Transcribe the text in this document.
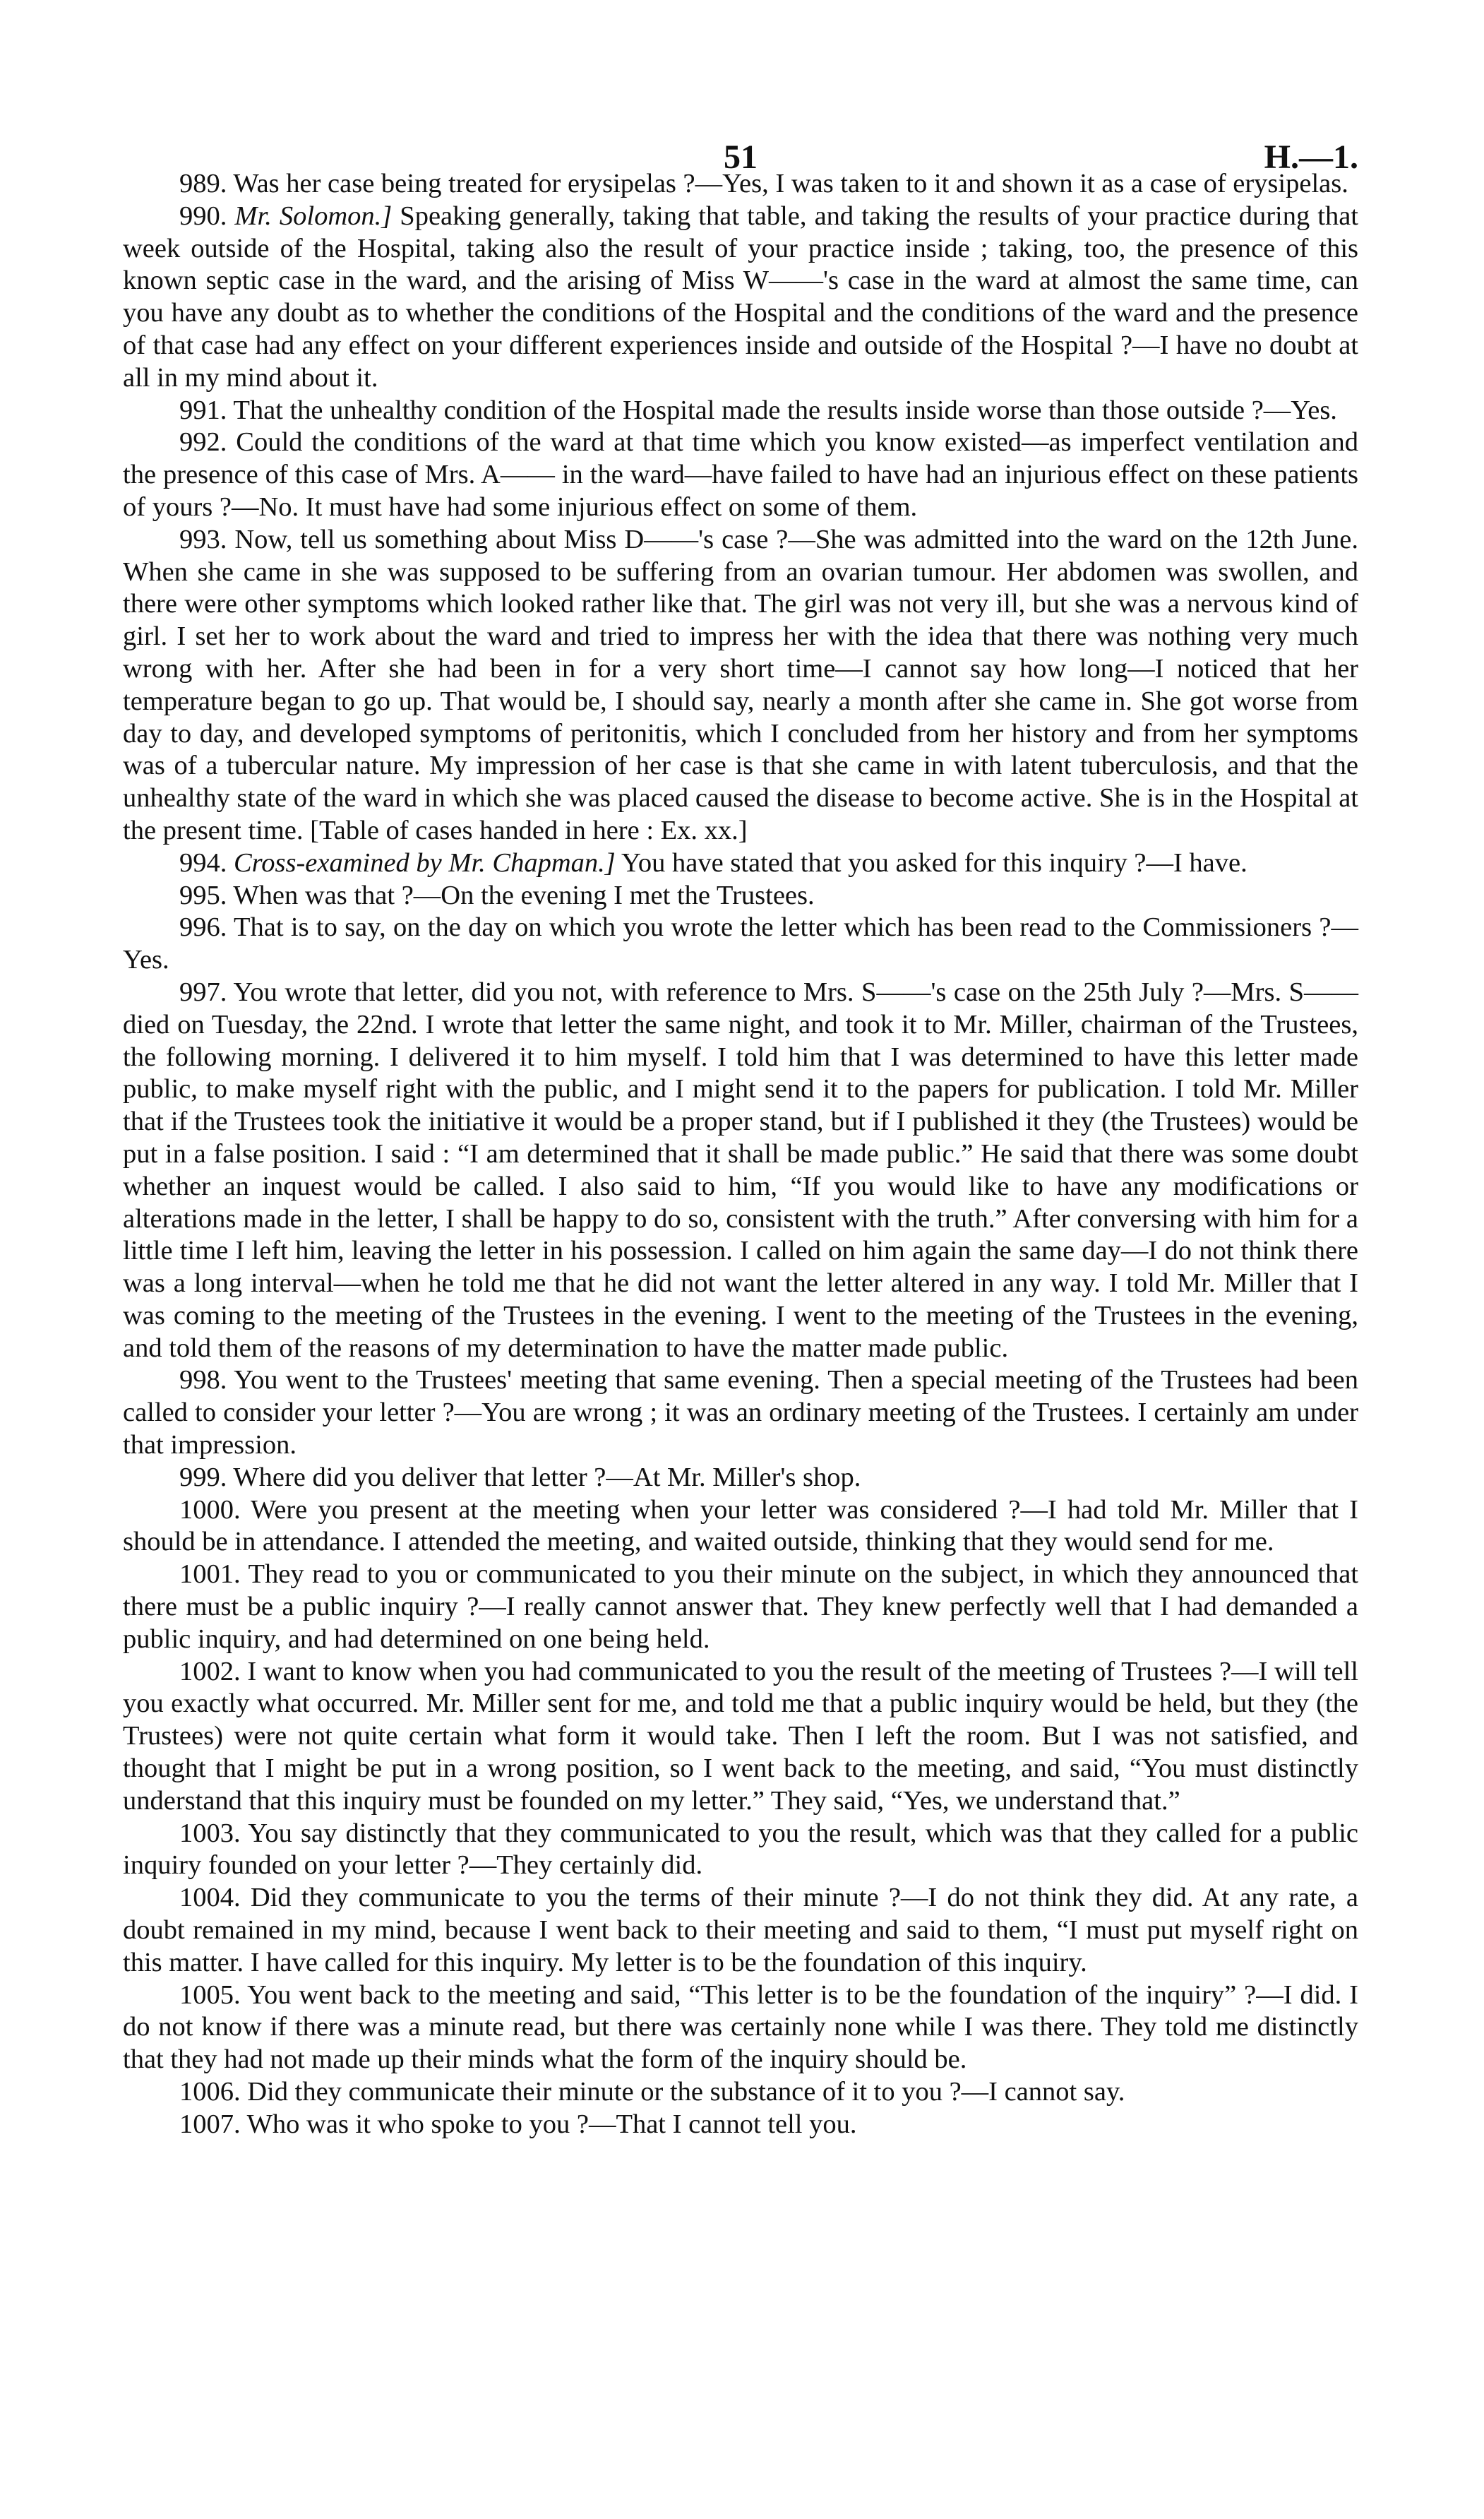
51	H.—1.

989. Was her case being treated for erysipelas ?—Yes, I was taken to it and shown it as a case of erysipelas.

990. Mr. Solomon.] Speaking generally, taking that table, and taking the results of your practice during that week outside of the Hospital, taking also the result of your practice inside ; taking, too, the presence of this known septic case in the ward, and the arising of Miss W——'s case in the ward at almost the same time, can you have any doubt as to whether the conditions of the Hospital and the conditions of the ward and the presence of that case had any effect on your different experiences inside and outside of the Hospital ?—I have no doubt at all in my mind about it.

991. That the unhealthy condition of the Hospital made the results inside worse than those outside ?—Yes.

992. Could the conditions of the ward at that time which you know existed—as imperfect ventilation and the presence of this case of Mrs. A—— in the ward—have failed to have had an injurious effect on these patients of yours ?—No. It must have had some injurious effect on some of them.

993. Now, tell us something about Miss D——'s case ?—She was admitted into the ward on the 12th June. When she came in she was supposed to be suffering from an ovarian tumour. Her abdomen was swollen, and there were other symptoms which looked rather like that. The girl was not very ill, but she was a nervous kind of girl. I set her to work about the ward and tried to impress her with the idea that there was nothing very much wrong with her. After she had been in for a very short time—I cannot say how long—I noticed that her temperature began to go up. That would be, I should say, nearly a month after she came in. She got worse from day to day, and developed symptoms of peritonitis, which I concluded from her history and from her symptoms was of a tubercular nature. My impression of her case is that she came in with latent tuberculosis, and that the unhealthy state of the ward in which she was placed caused the disease to become active. She is in the Hospital at the present time. [Table of cases handed in here : Ex. xx.]

994. Cross-examined by Mr. Chapman.] You have stated that you asked for this inquiry ?—I have.

995. When was that ?—On the evening I met the Trustees.

996. That is to say, on the day on which you wrote the letter which has been read to the Commissioners ?—Yes.

997. You wrote that letter, did you not, with reference to Mrs. S——'s case on the 25th July ?—Mrs. S—— died on Tuesday, the 22nd. I wrote that letter the same night, and took it to Mr. Miller, chairman of the Trustees, the following morning. I delivered it to him myself. I told him that I was determined to have this letter made public, to make myself right with the public, and I might send it to the papers for publication. I told Mr. Miller that if the Trustees took the initiative it would be a proper stand, but if I published it they (the Trustees) would be put in a false position. I said : “I am determined that it shall be made public.” He said that there was some doubt whether an inquest would be called. I also said to him, “If you would like to have any modifications or alterations made in the letter, I shall be happy to do so, consistent with the truth.” After conversing with him for a little time I left him, leaving the letter in his possession. I called on him again the same day—I do not think there was a long interval—when he told me that he did not want the letter altered in any way. I told Mr. Miller that I was coming to the meeting of the Trustees in the evening. I went to the meeting of the Trustees in the evening, and told them of the reasons of my determination to have the matter made public.

998. You went to the Trustees' meeting that same evening. Then a special meeting of the Trustees had been called to consider your letter ?—You are wrong ; it was an ordinary meeting of the Trustees. I certainly am under that impression.

999. Where did you deliver that letter ?—At Mr. Miller's shop.

1000. Were you present at the meeting when your letter was considered ?—I had told Mr. Miller that I should be in attendance. I attended the meeting, and waited outside, thinking that they would send for me.

1001. They read to you or communicated to you their minute on the subject, in which they announced that there must be a public inquiry ?—I really cannot answer that. They knew perfectly well that I had demanded a public inquiry, and had determined on one being held.

1002. I want to know when you had communicated to you the result of the meeting of Trustees ?—I will tell you exactly what occurred. Mr. Miller sent for me, and told me that a public inquiry would be held, but they (the Trustees) were not quite certain what form it would take. Then I left the room. But I was not satisfied, and thought that I might be put in a wrong position, so I went back to the meeting, and said, “You must distinctly understand that this inquiry must be founded on my letter.” They said, “Yes, we understand that.”

1003. You say distinctly that they communicated to you the result, which was that they called for a public inquiry founded on your letter ?—They certainly did.

1004. Did they communicate to you the terms of their minute ?—I do not think they did. At any rate, a doubt remained in my mind, because I went back to their meeting and said to them, “I must put myself right on this matter. I have called for this inquiry. My letter is to be the foundation of this inquiry.

1005. You went back to the meeting and said, “This letter is to be the foundation of the inquiry” ?—I did. I do not know if there was a minute read, but there was certainly none while I was there. They told me distinctly that they had not made up their minds what the form of the inquiry should be.

1006. Did they communicate their minute or the substance of it to you ?—I cannot say.

1007. Who was it who spoke to you ?—That I cannot tell you.
